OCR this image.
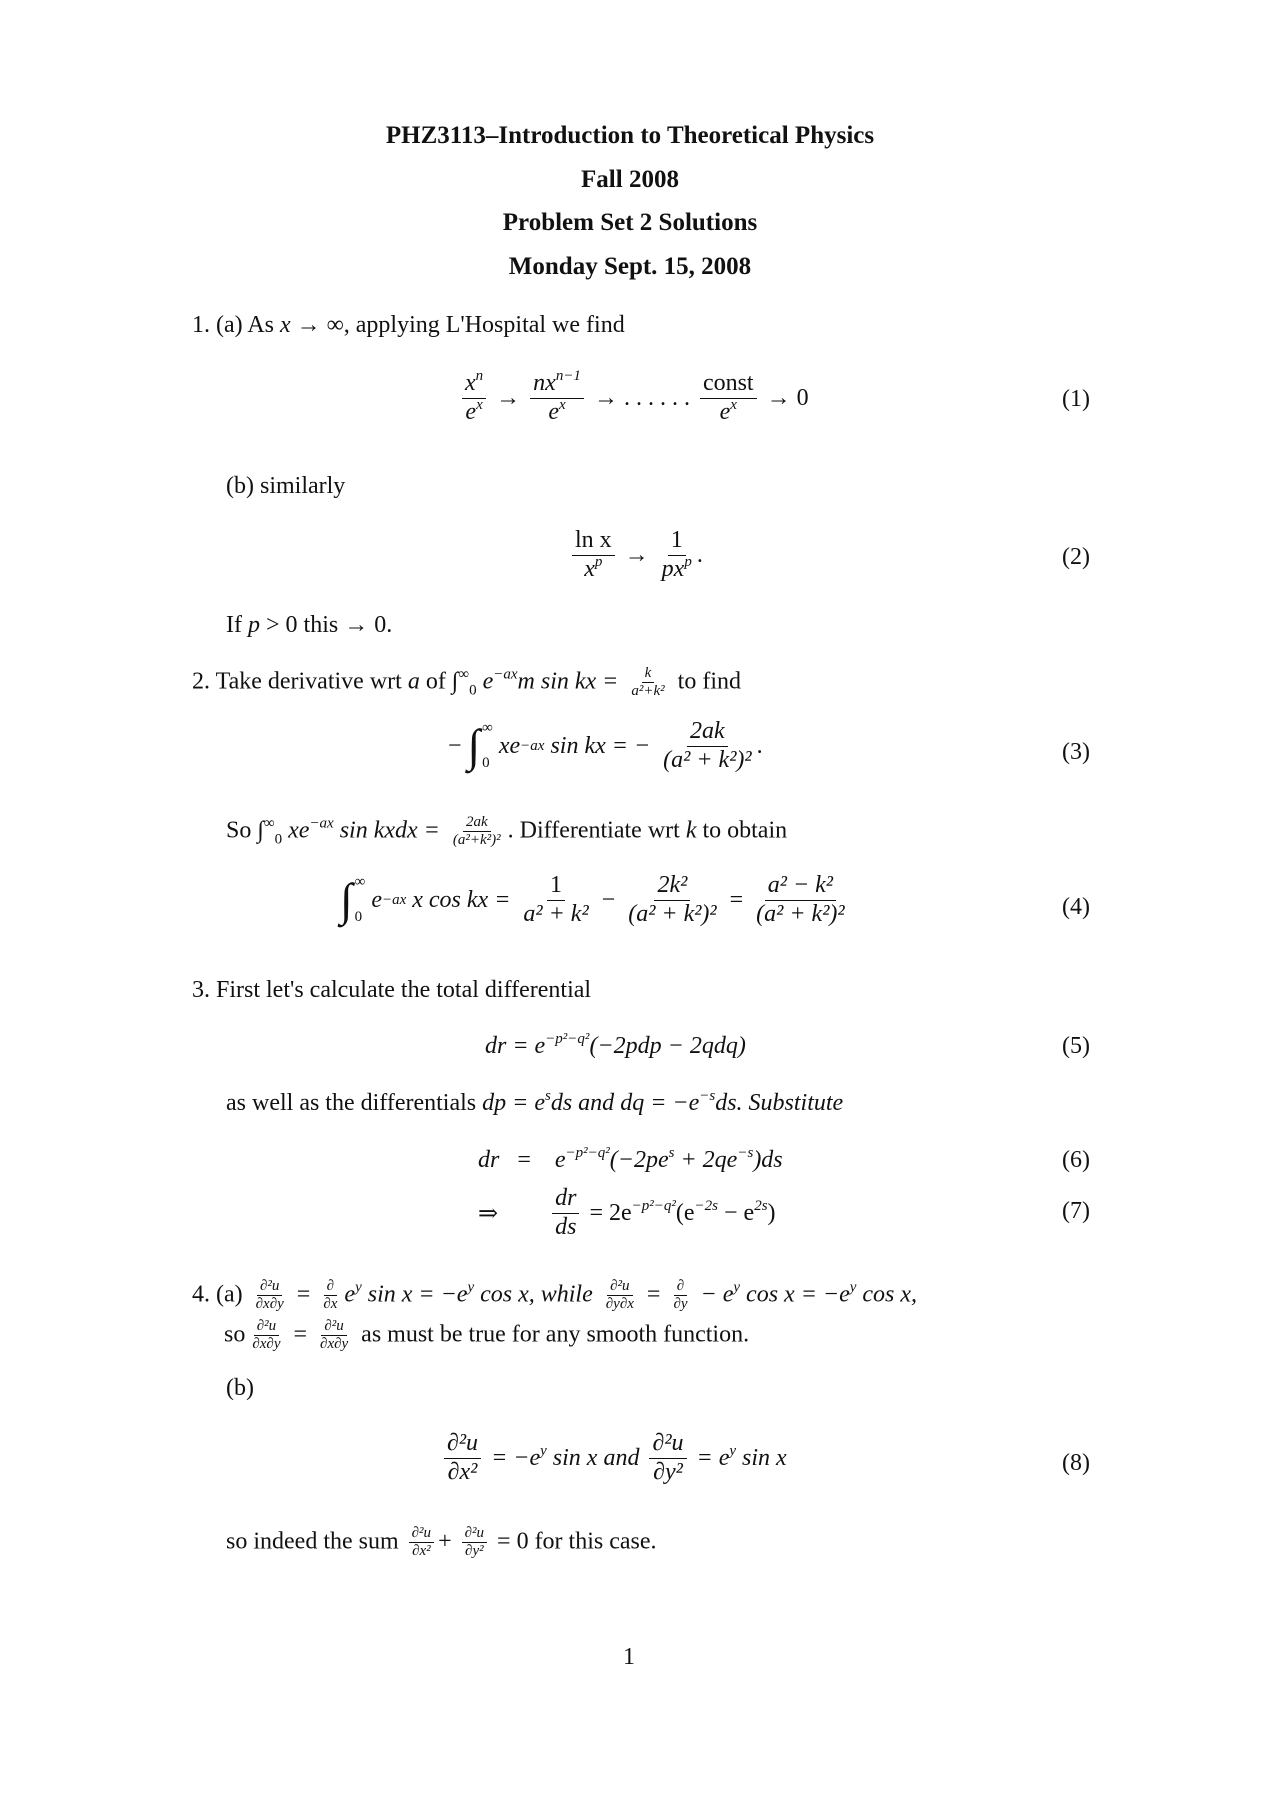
PHZ3113–Introduction to Theoretical Physics
Fall 2008
Problem Set 2 Solutions
Monday Sept. 15, 2008
1. (a) As x → ∞, applying L'Hospital we find
$x^n$
$e^x$ →
$nx^{n-1}$
$e^x$ → . . . . . .
const
$e^x \to 0$	(1)
(b) similarly
ln x
$x^p$ →
1
$px^p$ .	(2)
If p > 0 this → 0.
2. Take derivative wrt a of $\int^\infty_0$ $e^{-ax}m$ sin kx = $\frac{k}{\text{a²+k²}}$ to find
− ∫ ∞
0
xe −ax sin kx = − $\frac{2ak}{\text{(a² + k²)²}}$ .	(3)
So $\int^\infty_0$ $xe^{-ax}$ sin kxdx = $\frac{2ak}{\text{(a²+k²)²}}$ . Differentiate wrt k to obtain
∫ ∞
0
e −ax x cos kx = $\frac{1}{\text{a² + k²}} - \frac{\text{2k²}}{\text{(a² + k²)²}} = \frac{\text{a² − k²}}{\text{(a² + k²)²}}$	(4)
3. First let's calculate the total differential
dr = $e^{-p^2-q^2}(-2pdp - 2qdq)$	(5)
as well as the differentials dp = $e^sds$ and dq = $-e^{-s}ds$. Substitute
dr = $e^{-p^2-q^2}(-2pe^s + 2qe^{-s})ds$	(6)
⇒ $\frac{dr}{ds} = 2e^{-p^2-q^2}(e^{-2s} - e^{2s})$	(7)
4. $(a) \frac{\text{∂²u}}{\partial x\partial y}$ = ∂
∂x $e^y$ $\sin x = -e^y$ cos x, while $\frac{\text{∂²u}}{\partial y\partial x}$ = ∂
$\partial y - e^y$ $\cos x = -e^y$ cos x,
so $\frac{\text{∂²u}}{\partial x\partial y} = \frac{\text{∂²u}}{\partial x\partial y}$ as must be true for any smooth function.
(b)
$\frac{\text{∂²u}}{\text{∂x²}} = -e^y$ sin x and $\frac{\text{∂²u}}{\text{∂y²}} = e^y$ sin x	(8)
so indeed the sum $\frac{\text{∂²u}}{\text{∂x²}} + \frac{\text{∂²u}}{\text{∂y²}} = 0$ for this case.
1
